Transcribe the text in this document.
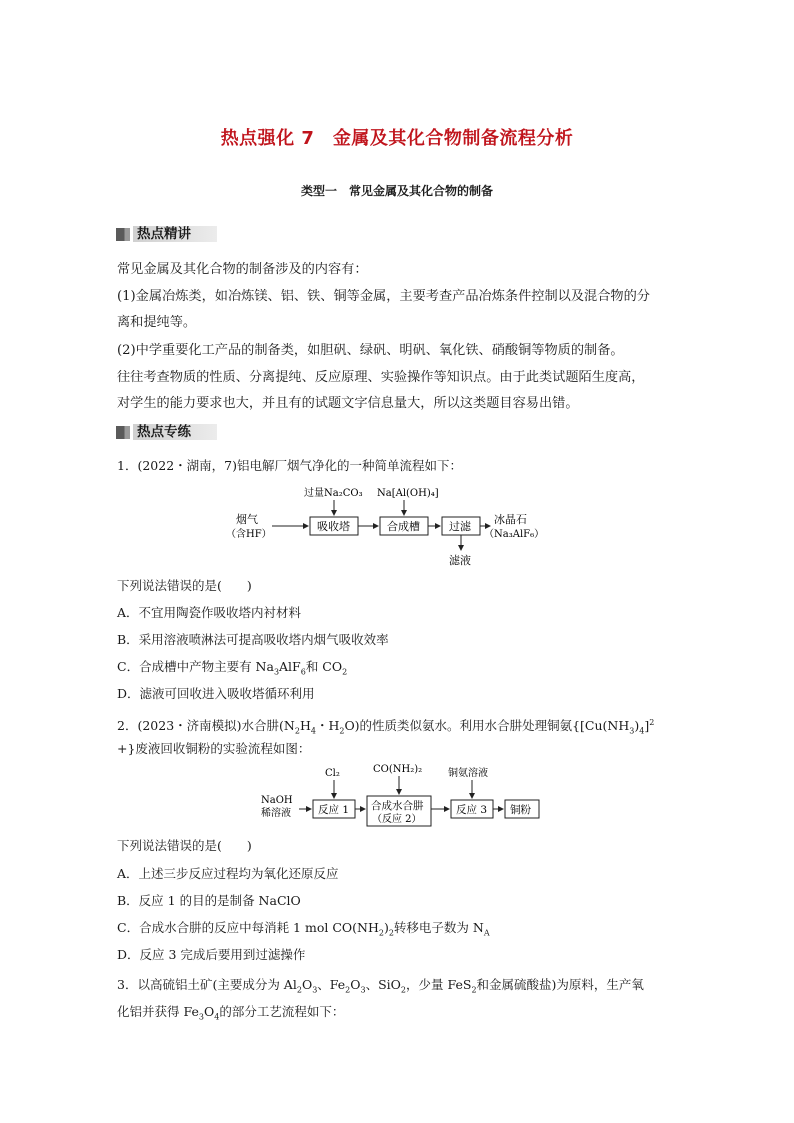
热点强化 7　金属及其化合物制备流程分析
类型一　常见金属及其化合物的制备
热点精讲
常见金属及其化合物的制备涉及的内容有：
(1)金属冶炼类，如冶炼镁、铝、铁、铜等金属，主要考查产品冶炼条件控制以及混合物的分
离和提纯等。
(2)中学重要化工产品的制备类，如胆矾、绿矾、明矾、氧化铁、硝酸铜等物质的制备。
往往考查物质的性质、分离提纯、反应原理、实验操作等知识点。由于此类试题陌生度高，
对学生的能力要求也大，并且有的试题文字信息量大，所以这类题目容易出错。
热点专练
1．(2022・湖南，7)铝电解厂烟气净化的一种简单流程如下：
烟气
（含HF）
吸收塔
过量Na₂CO₃
合成槽
Na[Al(OH)₄]
过滤
冰晶石
（Na₃AlF₆）
滤液
下列说法错误的是(　　)
A．不宜用陶瓷作吸收塔内衬材料
B．采用溶液喷淋法可提高吸收塔内烟气吸收效率
C．合成槽中产物主要有 $Na_3AlF_6$和 $CO_2$
D．滤液可回收进入吸收塔循环利用
2．(2023・济南模拟)水合肼($N_2H_4$・$H_2O$)的性质类似氨水。利用水合肼处理铜氨{$[Cu(NH_3)_4]^2$
+}废液回收铜粉的实验流程如图：
NaOH
稀溶液	反应 1
Cl₂
合成水合肼
（反应 2）
CO(NH₂)₂
反应 3
铜氨溶液
铜粉
下列说法错误的是(　　)
A．上述三步反应过程均为氧化还原反应
B．反应 1 的目的是制备 NaClO
C．合成水合肼的反应中每消耗 1 mol $CO(NH_2)_2$转移电子数为 $N_A$
D．反应 3 完成后要用到过滤操作
3．以高硫铝土矿(主要成分为 $Al_2O_3$、$Fe_2O_3$、SiO$_2$，少量 FeS$_2$和金属硫酸盐)为原料，生产氧
化铝并获得 $Fe_3O_4$的部分工艺流程如下：
